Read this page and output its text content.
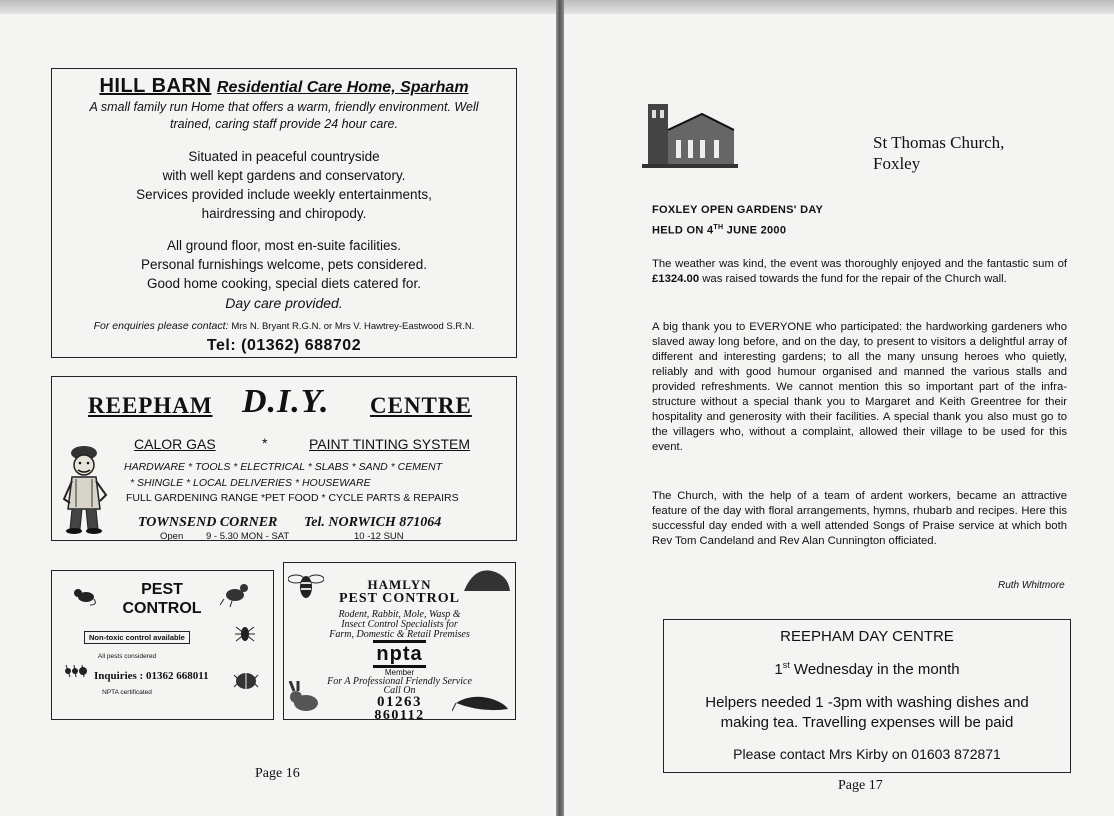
HILL BARN Residential Care Home, Sparham
A small family run Home that offers a warm, friendly environment. Well
trained, caring staff provide 24 hour care.
Situated in peaceful countryside
with well kept gardens and conservatory.
Services provided include weekly entertainments,
hairdressing and chiropody.
All ground floor, most en-suite facilities.
Personal furnishings welcome, pets considered.
Good home cooking, special diets catered for.
Day care provided.
For enquiries please contact: Mrs N. Bryant R.G.N. or Mrs V. Hawtrey-Eastwood S.R.N.
Tel: (01362) 688702
REEPHAM D.I.Y. CENTRE
CALOR GAS	*	PAINT TINTING SYSTEM
HARDWARE * TOOLS * ELECTRICAL * SLABS * SAND * CEMENT
* SHINGLE * LOCAL DELIVERIES * HOUSEWARE
FULL GARDENING RANGE *PET FOOD * CYCLE PARTS & REPAIRS
TOWNSEND CORNER Tel. NORWICH 871064
Open 9 - 5.30 MON - SAT	10 -12 SUN
PEST
CONTROL
Non-toxic control available
All pests considered
Inquiries : 01362 668011
NPTA certificated
HAMLYN
PEST CONTROL
Rodent, Rabbit, Mole, Wasp &
Insect Control Specialists for
Farm, Domestic & Retail Premises
npta
Member
For A Professional Friendly Service
Call On
01263
860112
Page 16
St Thomas Church,
Foxley
FOXLEY OPEN GARDENS' DAY
HELD ON 4TH JUNE 2000
The weather was kind, the event was thoroughly enjoyed and the fantastic sum of £1324.00 was raised towards the fund for the repair of the Church wall.
A big thank you to EVERYONE who participated: the hardworking gardeners who slaved away long before, and on the day, to present to visitors a delightful array of different and interesting gardens; to all the many unsung heroes who quietly, reliably and with good humour organised and manned the various stalls and provided refreshments. We cannot mention this so important part of the infra-structure without a special thank you to Margaret and Keith Greentree for their hospitality and generosity with their facilities. A special thank you also must go to the villagers who, without a complaint, allowed their village to be used for this event.
The Church, with the help of a team of ardent workers, became an attractive feature of the day with floral arrangements, hymns, rhubarb and recipes. Here this successful day ended with a well attended Songs of Praise service at which both Rev Tom Candeland and Rev Alan Cunnington officiated.
Ruth Whitmore
REEPHAM DAY CENTRE
1st Wednesday in the month
Helpers needed 1 -3pm with washing dishes and
making tea. Travelling expenses will be paid
Please contact Mrs Kirby on 01603 872871
Page 17
